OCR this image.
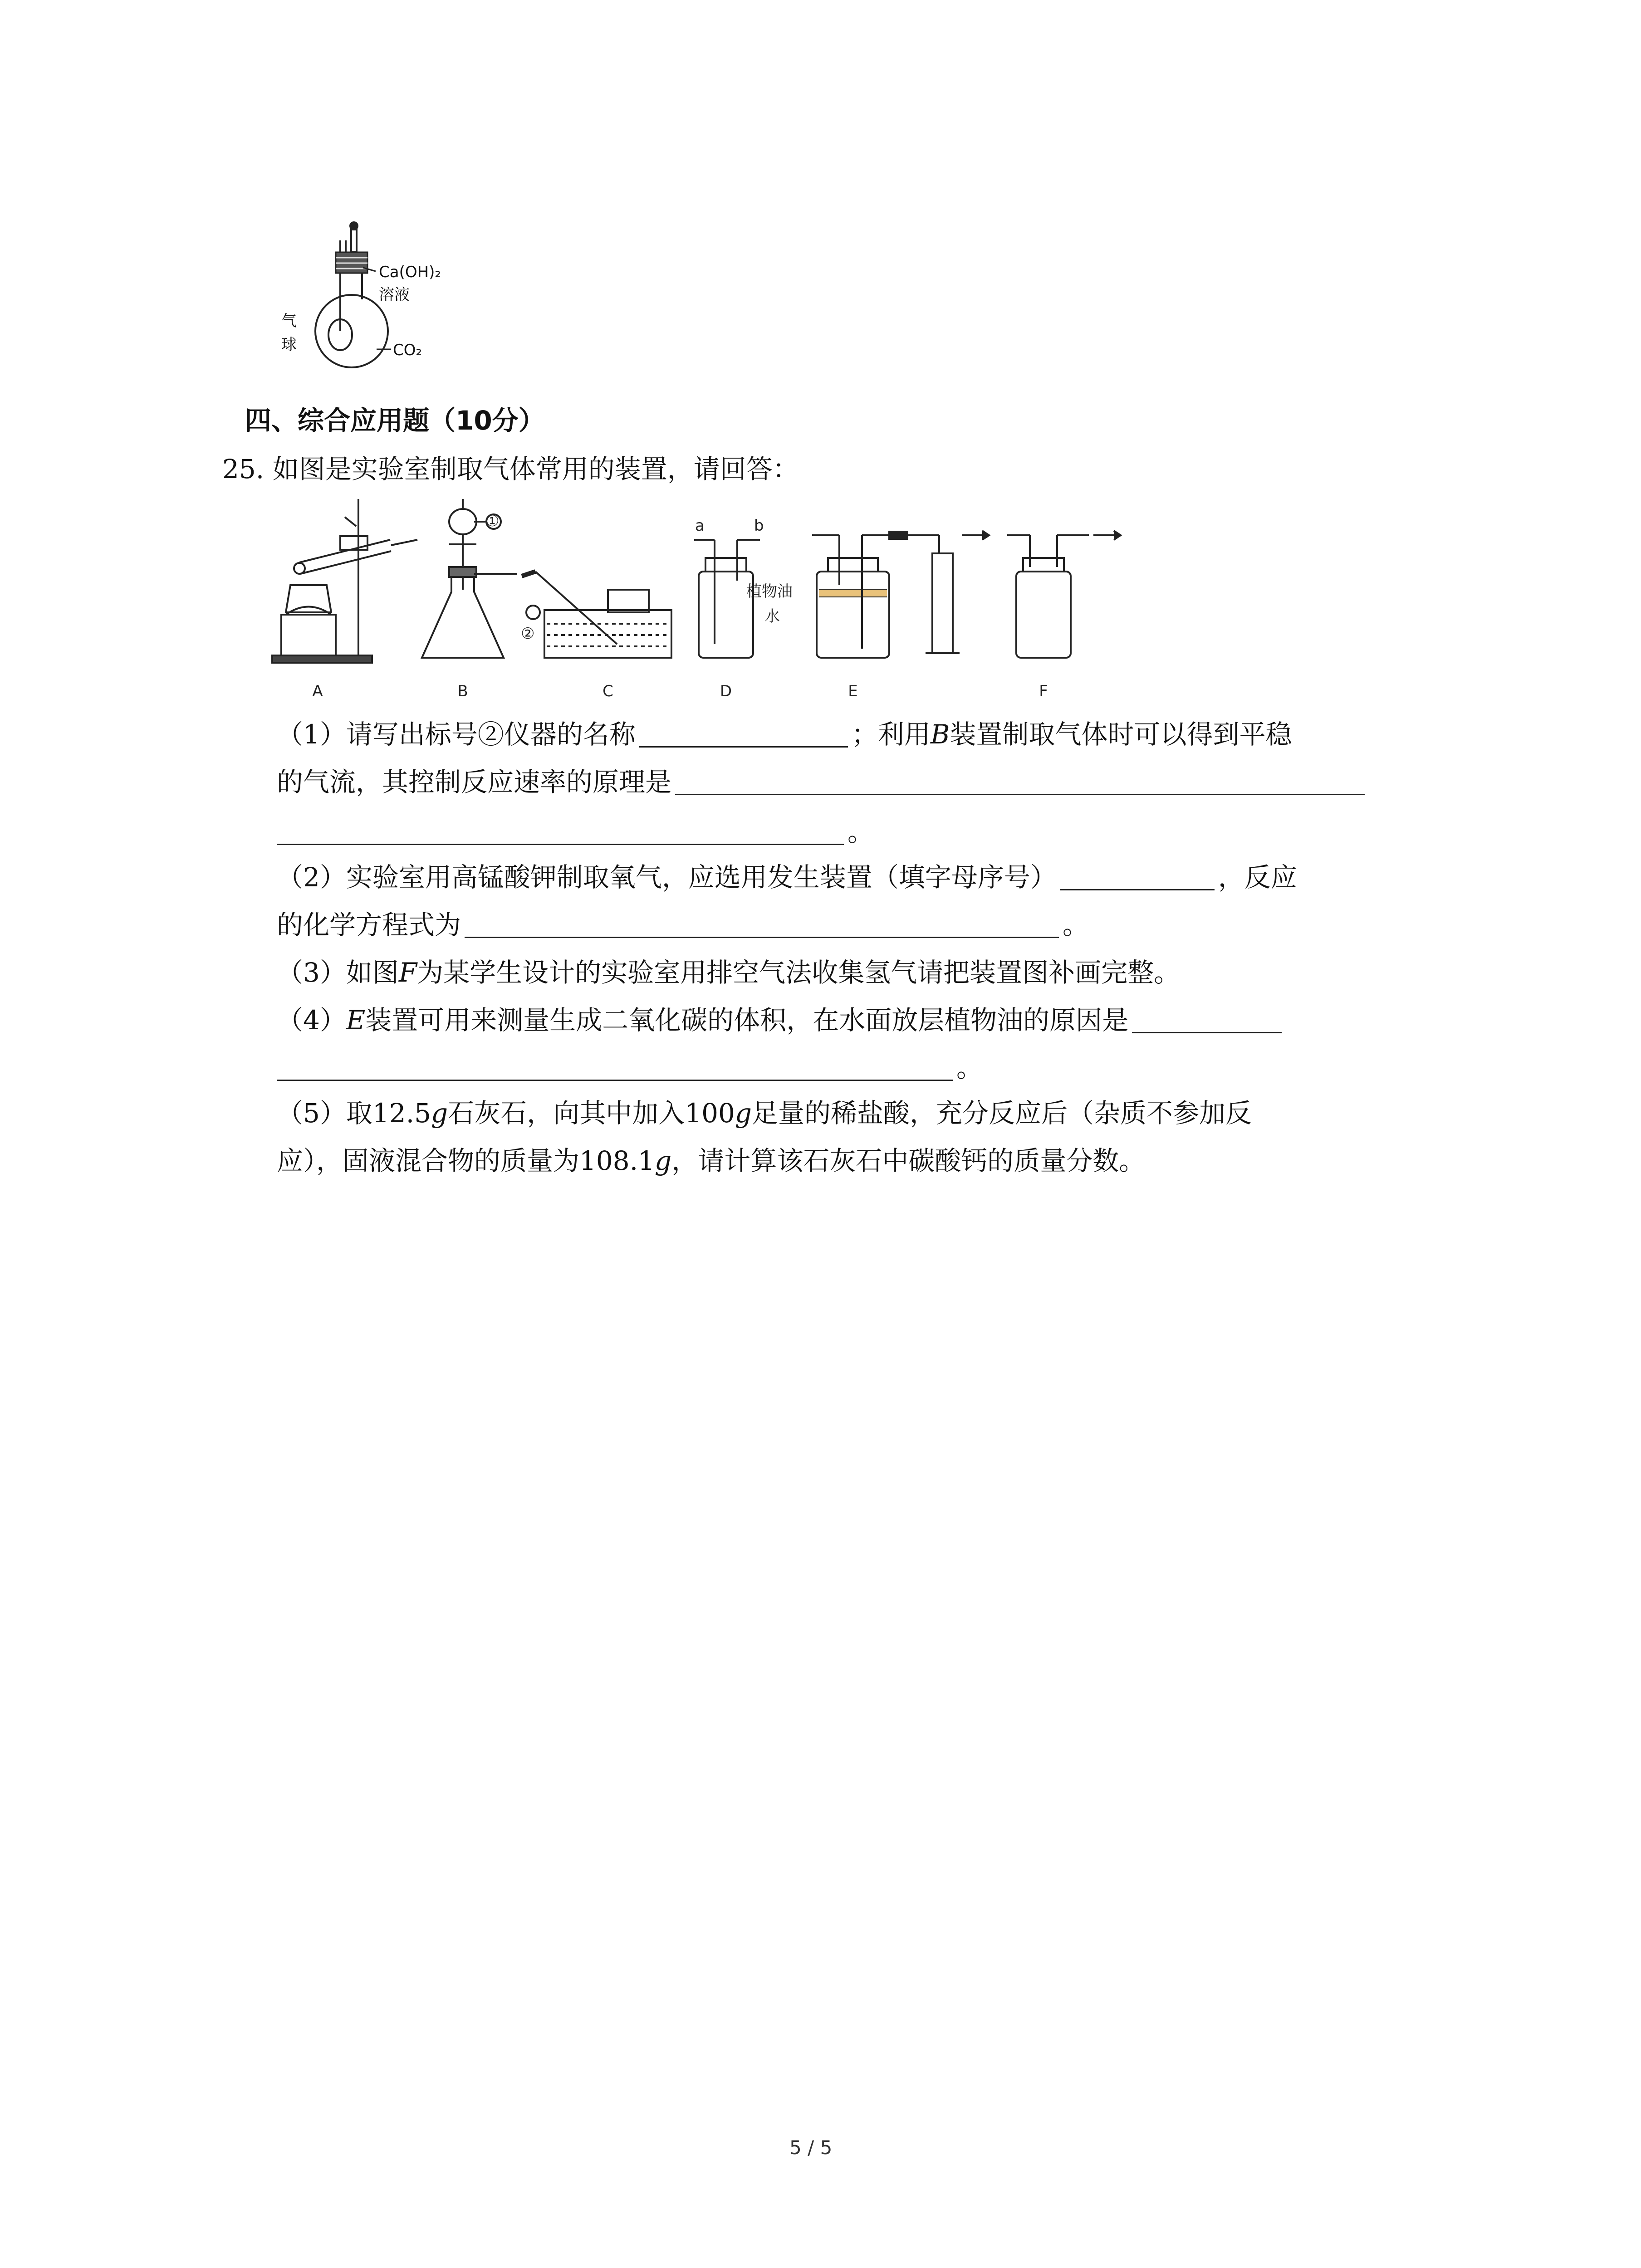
Ca(OH)₂
溶液
气
球	CO₂
四、综合应用题（10分）
25. 如图是实验室制取气体常用的装置，请回答：
A	B	C	D	E	F
①
②
a	b
植物油
水
（1）请写出标号②仪器的名称	；利用B装置制取气体时可以得到平稳
的气流，其控制反应速率的原理是
。
（2）实验室用高锰酸钾制取氧气，应选用发生装置（填字母序号）	，反应
的化学方程式为	。
（3）如图F为某学生设计的实验室用排空气法收集氢气请把装置图补画完整。
（4）E装置可用来测量生成二氧化碳的体积，在水面放层植物油的原因是
。
（5）取12.5g石灰石，向其中加入100g足量的稀盐酸，充分反应后（杂质不参加反
应），固液混合物的质量为108.1g，请计算该石灰石中碳酸钙的质量分数。
5 / 5
